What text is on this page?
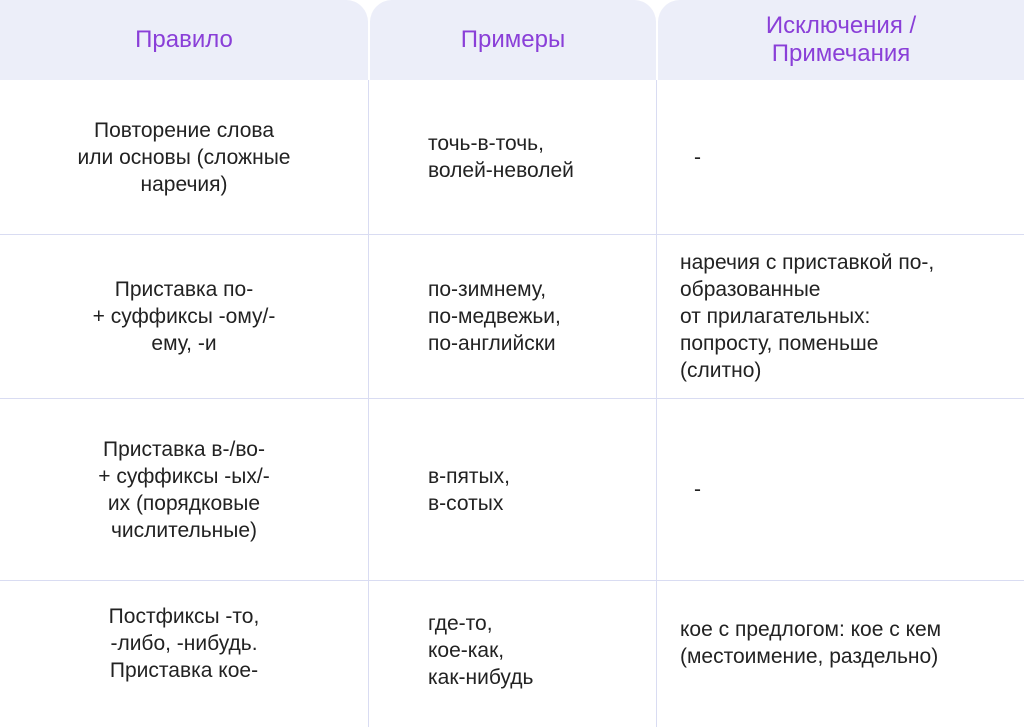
Правило	Примеры
Исключения /
Примечания
Повторение слова
или основы (сложные
наречия)
точь-в-точь,
волей-неволей
-
Приставка по-
+ суффиксы -ому/-
ему, -и
по-зимнему,
по-медвежьи,
по-английски
наречия с приставкой по-,
образованные
от прилагательных:
попросту, поменьше
(слитно)
Приставка в-/во-
+ суффиксы -ых/-
их (порядковые
числительные)
в-пятых,
в-сотых
-
Постфиксы -то,
-либо, -нибудь.
Приставка кое-
где-то,
кое-как,
как-нибудь
кое с предлогом: кое с кем
(местоимение, раздельно)
